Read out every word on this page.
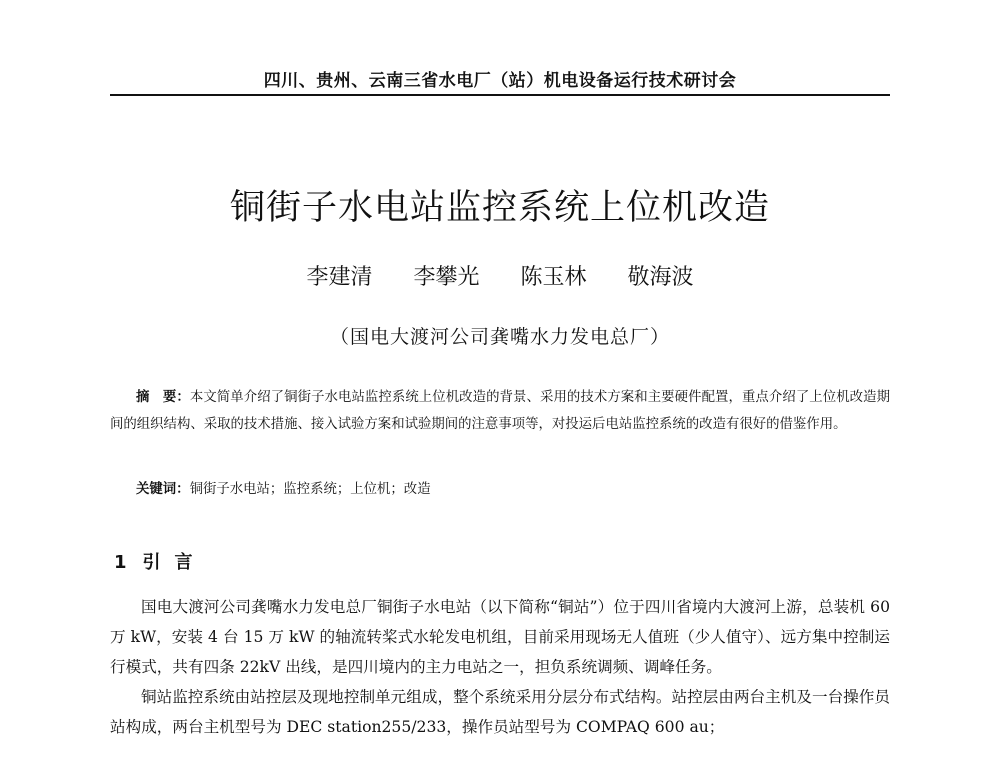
四川、贵州、云南三省水电厂（站）机电设备运行技术研讨会
铜街子水电站监控系统上位机改造
李建清 李攀光 陈玉林 敬海波
（国电大渡河公司龚嘴水力发电总厂）
摘　要：本文简单介绍了铜街子水电站监控系统上位机改造的背景、采用的技术方案和主要硬件配置，重点介绍了上位机改造期间的组织结构、采取的技术措施、接入试验方案和试验期间的注意事项等，对投运后电站监控系统的改造有很好的借鉴作用。
关键词：铜街子水电站；监控系统；上位机；改造
1 引言

国电大渡河公司龚嘴水力发电总厂铜街子水电站（以下简称“铜站”）位于四川省境内大渡河上游，总装机 60 万 kW，安装 4 台 15 万 kW 的轴流转桨式水轮发电机组，目前采用现场无人值班（少人值守）、远方集中控制运行模式，共有四条 22kV 出线，是四川境内的主力电站之一，担负系统调频、调峰任务。

铜站监控系统由站控层及现地控制单元组成，整个系统采用分层分布式结构。站控层由两台主机及一台操作员站构成，两台主机型号为 DEC station255/233，操作员站型号为 COMPAQ 600 au；
